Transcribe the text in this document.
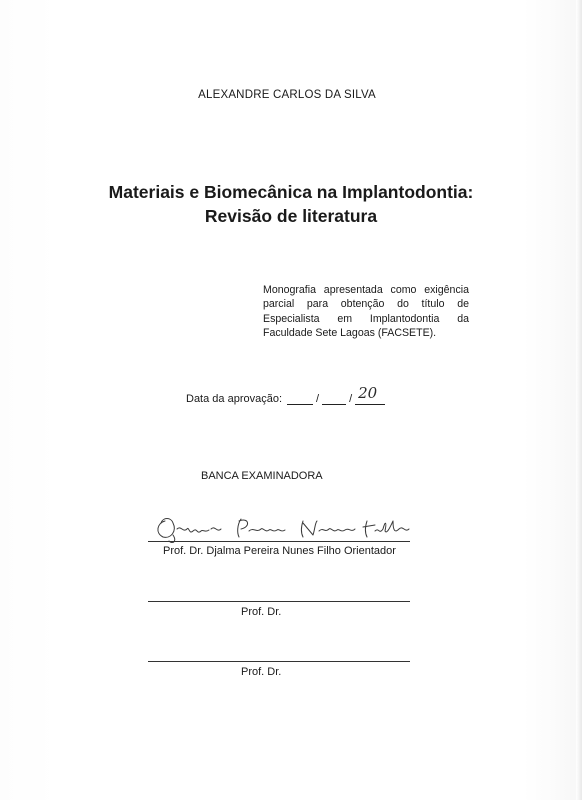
ALEXANDRE CARLOS DA SILVA
Materiais e Biomecânica na Implantodontia:
Revisão de literatura
Monografia apresentada como exigência
parcial para obtenção do título de
Especialista em Implantodontia da
Faculdade Sete Lagoas (FACSETE).
Data da aprovação:	/	/ 20
BANCA EXAMINADORA
Prof. Dr. Djalma Pereira Nunes Filho Orientador
Prof. Dr.
Prof. Dr.
